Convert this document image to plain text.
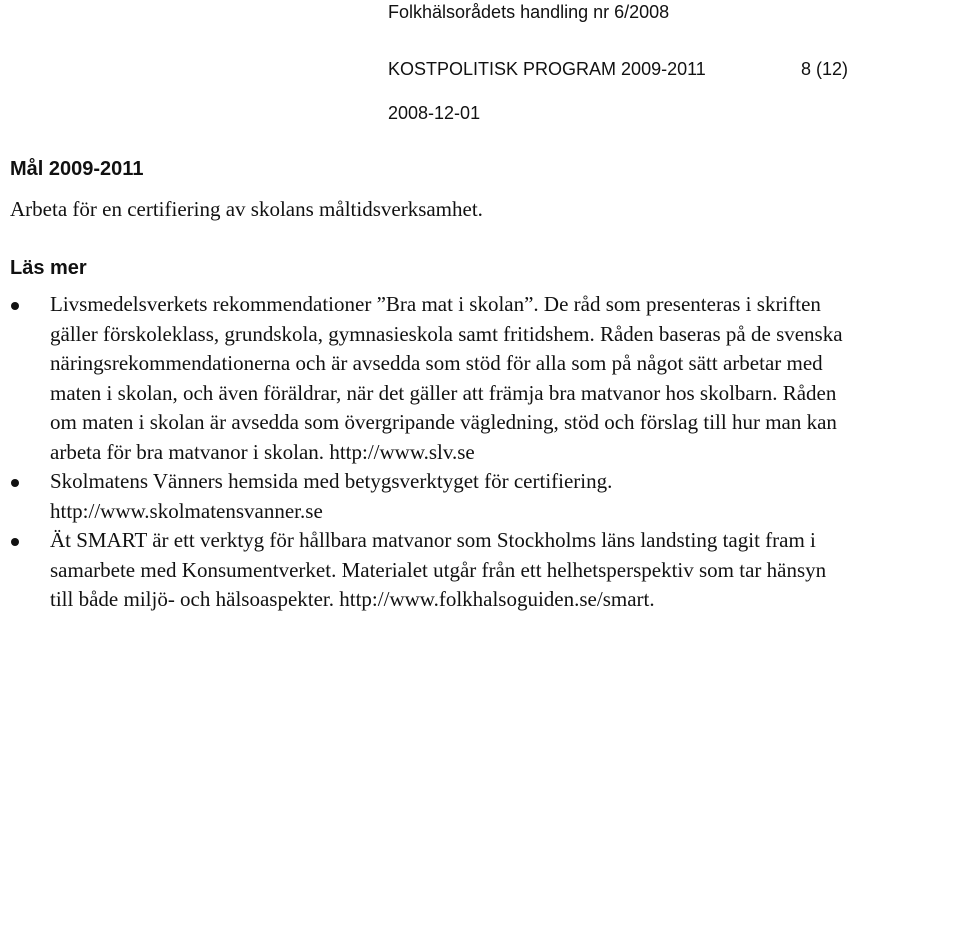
Folkhälsorådets handling nr 6/2008
KOSTPOLITISK PROGRAM 2009-2011	8 (12)
2008-12-01
Mål 2009-2011
Arbeta för en certifiering av skolans måltidsverksamhet.
Läs mer
Livsmedelsverkets rekommendationer ”Bra mat i skolan”. De råd som presenteras i skriften gäller förskoleklass, grundskola, gymnasieskola samt fritidshem. Råden baseras på de svenska näringsrekommendationerna och är avsedda som stöd för alla som på något sätt arbetar med maten i skolan, och även föräldrar, när det gäller att främja bra matvanor hos skolbarn. Råden om maten i skolan är avsedda som övergripande vägledning, stöd och förslag till hur man kan arbeta för bra matvanor i skolan. http://www.slv.se
Skolmatens Vänners hemsida med betygsverktyget för certifiering. http://www.skolmatensvanner.se
Ät SMART är ett verktyg för hållbara matvanor som Stockholms läns landsting tagit fram i samarbete med Konsumentverket. Materialet utgår från ett helhetsperspektiv som tar hänsyn till både miljö- och hälsoaspekter. http://www.folkhalsoguiden.se/smart.
